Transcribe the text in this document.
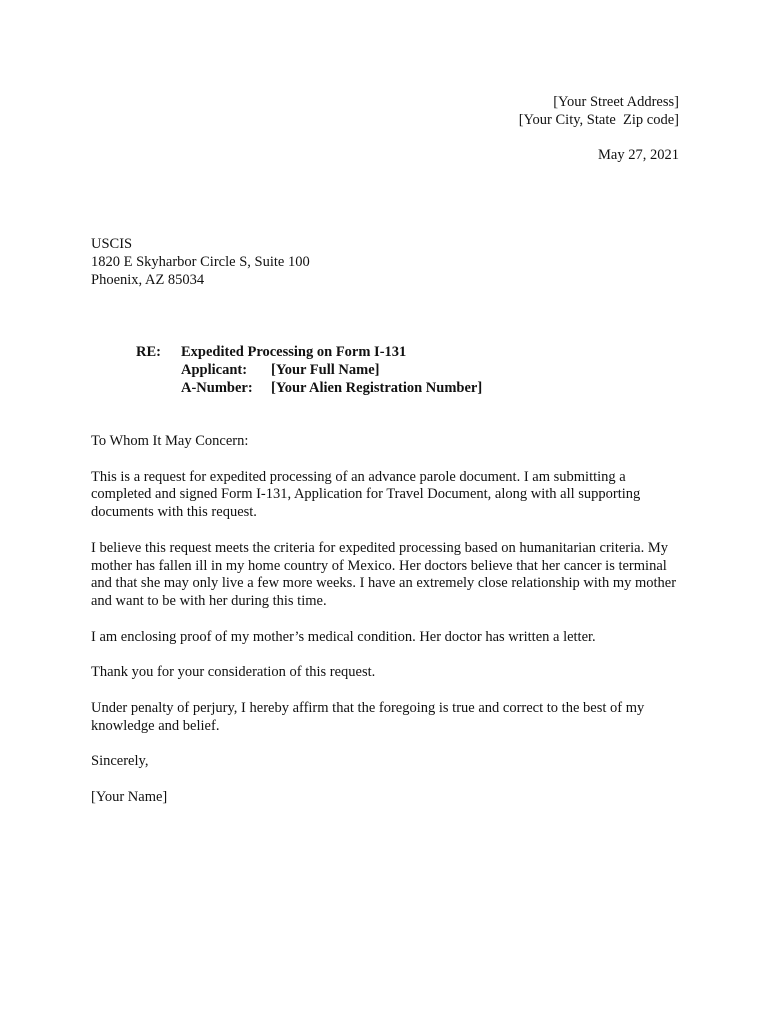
[Your Street Address]
[Your City, State  Zip code]
May 27, 2021
USCIS
1820 E Skyharbor Circle S, Suite 100
Phoenix, AZ 85034
RE:	Expedited Processing on Form I-131
Applicant: [Your Full Name]
A-Number: [Your Alien Registration Number]

To Whom It May Concern:

This is a request for expedited processing of an advance parole document. I am submitting a completed and signed Form I-131, Application for Travel Document, along with all supporting documents with this request.

I believe this request meets the criteria for expedited processing based on humanitarian criteria. My mother has fallen ill in my home country of Mexico. Her doctors believe that her cancer is terminal and that she may only live a few more weeks. I have an extremely close relationship with my mother and want to be with her during this time.

I am enclosing proof of my mother’s medical condition. Her doctor has written a letter.

Thank you for your consideration of this request.

Under penalty of perjury, I hereby affirm that the foregoing is true and correct to the best of my knowledge and belief.

Sincerely,

[Your Name]
